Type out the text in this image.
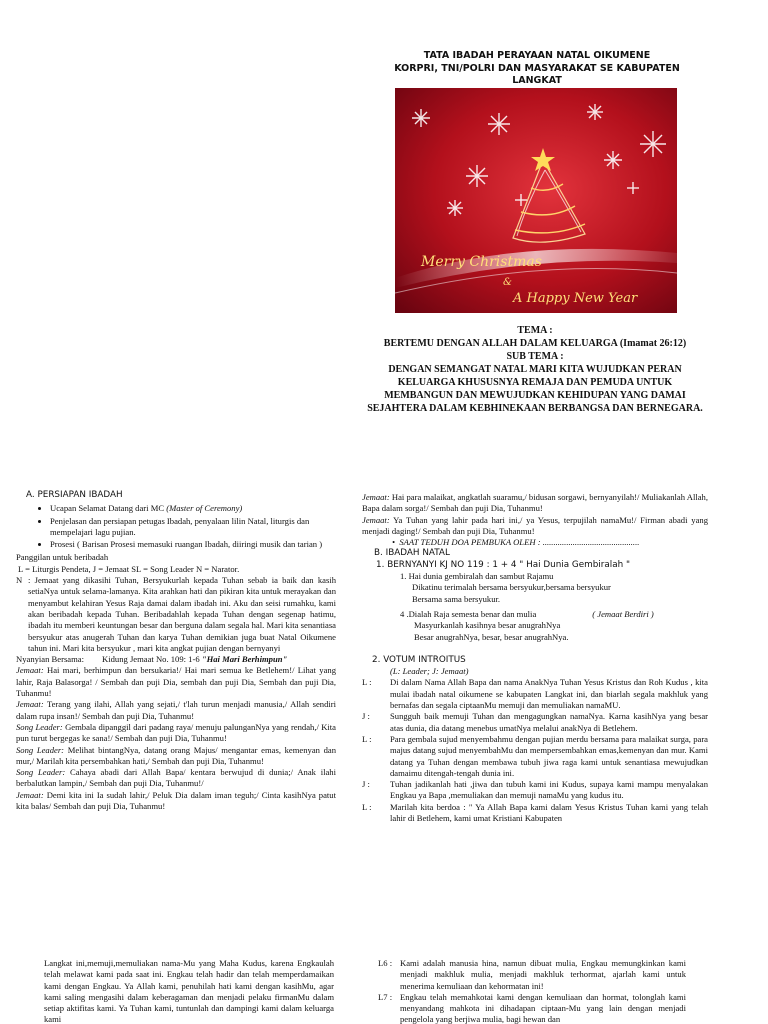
TATA IBADAH PERAYAAN NATAL OIKUMENE
KORPRI, TNI/POLRI DAN MASYARAKAT SE KABUPATEN LANGKAT
Merry Christmas
&
A Happy New Year
TEMA :
BERTEMU DENGAN ALLAH DALAM KELUARGA (Imamat 26:12)
SUB TEMA :
DENGAN SEMANGAT NATAL MARI KITA WUJUDKAN PERAN
KELUARGA KHUSUSNYA REMAJA DAN PEMUDA UNTUK
MEMBANGUN DAN MEWUJUDKAN KEHIDUPAN YANG DAMAI
SEJAHTERA DALAM KEBHINEKAAN BERBANGSA DAN BERNEGARA.

A. PERSIAPAN IBADAH

• Ucapan Selamat Datang dari MC (Master of Ceremony)
• Penjelasan dan persiapan petugas Ibadah, penyalaan lilin Natal, liturgis dan mempelajari lagu pujian.
• Prosesi ( Barisan Prosesi memasuki ruangan Ibadah, diiringi musik dan tarian )

Panggilan untuk beribadah

L = Liturgis Pendeta, J = Jemaat SL = Song Leader N = Narator.

N : Jemaat yang dikasihi Tuhan, Bersyukurlah kepada Tuhan sebab ia baik dan kasih setiaNya untuk selama-lamanya. Kita arahkan hati dan pikiran kita untuk merayakan dan menyambut kelahiran Yesus Raja damai dalam ibadah ini. Aku dan seisi rumahku, kami akan beribadah kepada Tuhan. Beribadahlah kepada Tuhan dengan segenap hatimu, ibadah itu memberi keuntungan besar dan berguna dalam segala hal. Mari kita senantiasa bersyukur atas anugerah Tuhan dan karya Tuhan demikian juga buat Natal Oikumene tahun ini. Mari kita bersyukur , mari kita angkat pujian dengan bernyanyi

Nyanyian Bersama: Kidung Jemaat No. 109: 1-6 "Hai Mari Berhimpun"

Jemaat: Hai mari, berhimpun dan bersukaria!/ Hai mari semua ke Betlehem!/ Lihat yang lahir, Raja Balasorga! / Sembah dan puji Dia, sembah dan puji Dia, Sembah dan puji Dia, Tuhanmu!

Jemaat: Terang yang ilahi, Allah yang sejati,/ t'lah turun menjadi manusia,/ Allah sendiri dalam rupa insan!/ Sembah dan puji Dia, Tuhanmu!

Song Leader: Gembala dipanggil dari padang raya/ menuju palunganNya yang rendah,/ Kita pun turut bergegas ke sana!/ Sembah dan puji Dia, Tuhanmu!

Song Leader: Melihat bintangNya, datang orang Majus/ mengantar emas, kemenyan dan mur,/ Marilah kita persembahkan hati,/ Sembah dan puji Dia, Tuhanmu!

Song Leader: Cahaya abadi dari Allah Bapa/ kentara berwujud di dunia;/ Anak ilahi berbalutkan lampin,/ Sembah dan puji Dia, Tuhanmu!/

Jemaat: Demi kita ini Ia sudah lahir,/ Peluk Dia dalam iman teguh;/ Cinta kasihNya patut kita balas/ Sembah dan puji Dia, Tuhanmu!

Jemaat: Hai para malaikat, angkatlah suaramu,/ bidusan sorgawi, bernyanyilah!/ Muliakanlah Allah, Bapa dalam sorga!/ Sembah dan puji Dia, Tuhanmu!

Jemaat: Ya Tuhan yang lahir pada hari ini,/ ya Yesus, terpujilah namaMu!/ Firman abadi yang menjadi daging!/ Sembah dan puji Dia, Tuhanmu!

•  SAAT TEDUH DOA PEMBUKA OLEH : .............................................

B. IBADAH NATAL

1. BERNYANYI KJ NO 119 : 1 + 4 " Hai Dunia Gembiralah "

1. Hai dunia gembiralah dan sambut Rajamu

Dikatinu terimalah bersama bersyukur,bersama bersyukur

Bersama sama bersyukur.

4 .Dialah Raja semesta benar dan mulia	( Jemaat Berdiri )

Masyurkanlah kasihnya besar anugrahNya

Besar anugrahNya, besar, besar anugrahNya.

2. VOTUM INTROITUS

(L: Leader; J: Jemaat)

L :	Di dalam Nama Allah Bapa dan nama AnakNya Tuhan Yesus Kristus dan Roh Kudus , kita mulai ibadah natal oikumene se kabupaten Langkat ini, dan biarlah segala makhluk yang bernafas dan segala ciptaanMu memuji dan memuliakan namaMU.

J :	Sungguh baik memuji Tuhan dan mengagungkan namaNya. Karna kasihNya yang besar atas dunia, dia datang menebus umatNya melalui anakNya di Betlehem.

L :	Para gembala sujud menyembahmu dengan pujian merdu bersama para malaikat surga, para majus datang sujud menyembahMu dan mempersembahkan emas,kemenyan dan mur. Kami datang ya Tuhan dengan membawa tubuh jiwa raga kami untuk senantiasa mewujudkan damaimu ditengah-tengah dunia ini.

J :	Tuhan jadikanlah hati ,jiwa dan tubuh kami ini Kudus, supaya kami mampu menyalakan Engkau ya Bapa ,memuliakan dan memuji namaMu yang kudus itu.

L :	Marilah kita berdoa : " Ya Allah Bapa kami dalam Yesus Kristus Tuhan kami yang telah lahir di Betlehem, kami umat Kristiani Kabupaten

Langkat ini,memuji,memuliakan nama-Mu yang Maha Kudus, karena Engkaulah telah melawat kami pada saat ini. Engkau telah hadir dan telah memperdamaikan kami dengan Engkau. Ya Allah kami, penuhilah hati kami dengan kasihMu, agar kami saling mengasihi dalam keberagaman dan menjadi pelaku firmanMu dalam setiap aktifitas kami. Ya Tuhan kami, tuntunlah dan dampingi kami dalam keluarga kami

L6 : Kami adalah manusia hina, namun dibuat mulia, Engkau memungkinkan kami menjadi makhluk mulia, menjadi makhluk terhormat, ajarlah kami untuk menerima kemuliaan dan kehormatan ini!

L7 : Engkau telah memahkotai kami dengan kemuliaan dan hormat, tolonglah kami menyandang mahkota ini dihadapan ciptaan-Mu yang lain dengan menjadi pengelola yang berjiwa mulia, bagi hewan dan
